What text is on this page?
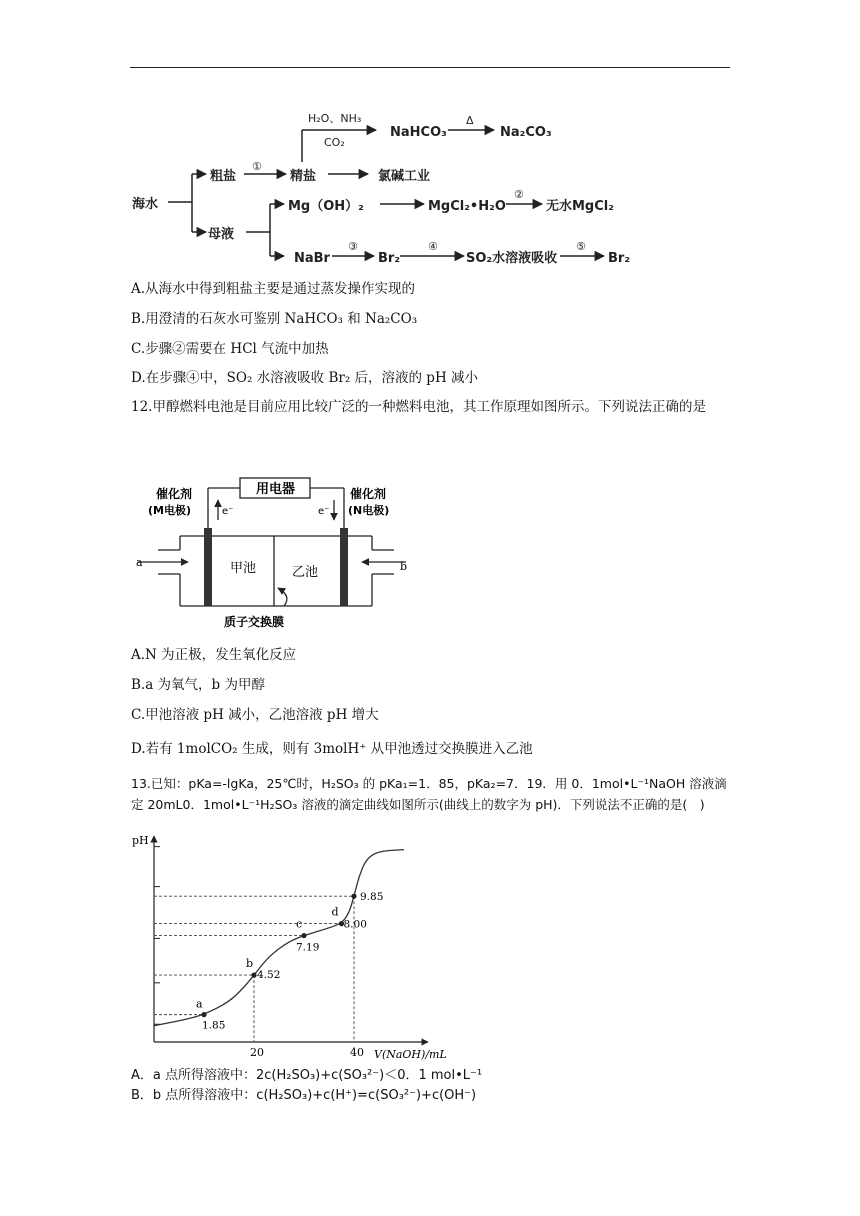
海水
粗盐
①
精盐
H₂O、NH₃
CO₂
NaHCO₃
Δ
Na₂CO₃
氯碱工业
母液
Mg（OH）₂	MgCl₂•H₂O
②
无水MgCl₂
NaBr
③
Br₂
④
SO₂水溶液吸收
⑤
Br₂
A.从海水中得到粗盐主要是通过蒸发操作实现的
B.用澄清的石灰水可鉴别 NaHCO₃ 和 Na₂CO₃
C.步骤②需要在 HCl 气流中加热
D.在步骤④中，SO₂ 水溶液吸收 Br₂ 后，溶液的 pH 减小
12.甲醇燃料电池是目前应用比较广泛的一种燃料电池，其工作原理如图所示。下列说法正确的是
用电器
催化剂
(M电极)
催化剂
(N电极)
e⁻	e⁻
a	b
甲池	乙池
质子交换膜
A.N 为正极，发生氧化反应
B.a 为氧气，b 为甲醇
C.甲池溶液 pH 减小，乙池溶液 pH 增大
D.若有 1molCO₂ 生成，则有 3molH⁺ 从甲池透过交换膜进入乙池
13.已知：pKa=-lgKa，25℃时，H₂SO₃ 的 pKa₁=1．85，pKa₂=7．19．用 0．1mol•L⁻¹NaOH 溶液滴定 20mL0．1mol•L⁻¹H₂SO₃ 溶液的滴定曲线如图所示(曲线上的数字为 pH)．下列说法不正确的是(　)
pH
V(NaOH)/mL
20	40
a
1.85
b
4.52
c
7.19
d
8.00
9.85
A．a 点所得溶液中：2c(H₂SO₃)+c(SO₃²⁻)＜0．1 mol•L⁻¹
B．b 点所得溶液中：c(H₂SO₃)+c(H⁺)=c(SO₃²⁻)+c(OH⁻)
